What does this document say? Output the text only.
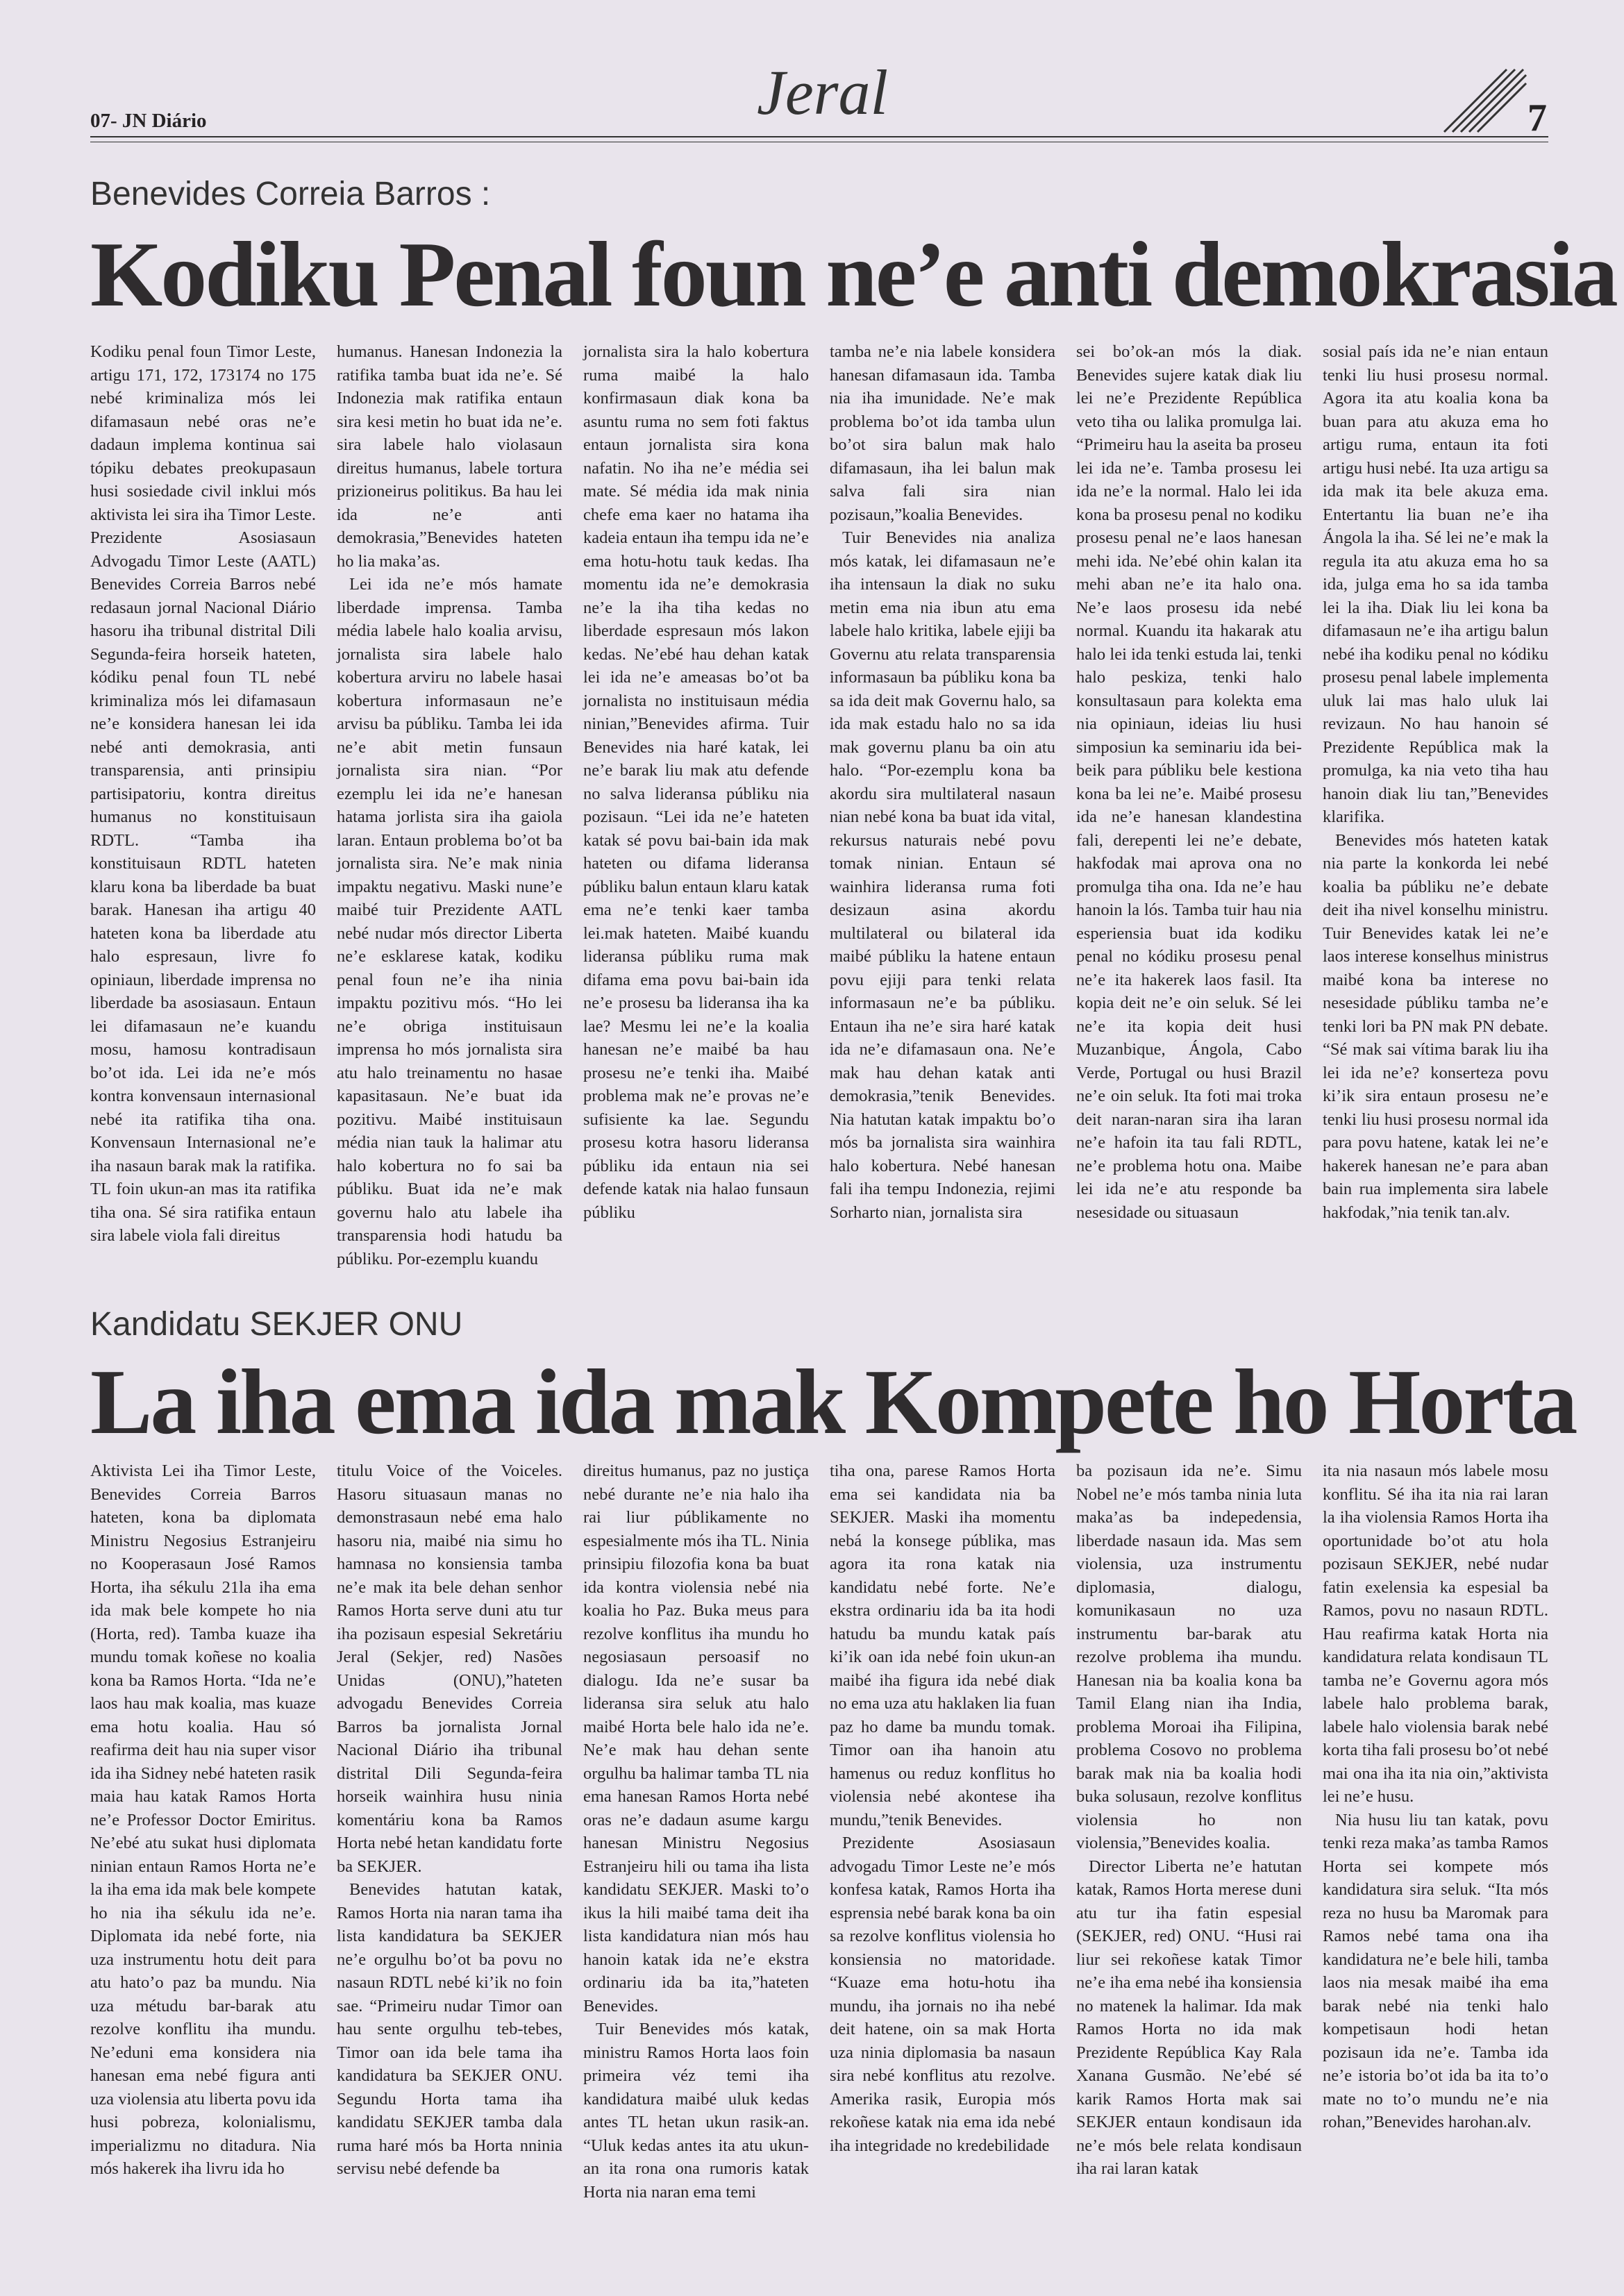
07- JN Diário	Jeral	7
Benevides Correia Barros :
Kodiku Penal foun ne’e anti demokrasia

Kodiku penal foun Timor Leste, artigu 171, 172, 173174 no 175 nebé kriminaliza mós lei difamasaun nebé oras ne’e dadaun implema kontinua sai tópiku debates preokupasaun husi sosiedade civil inklui mós aktivista lei sira iha Timor Leste. Prezidente Asosiasaun Advogadu Timor Leste (AATL) Benevides Correia Barros nebé redasaun jornal Nacional Diário hasoru iha tribunal distrital Dili Segunda-feira horseik hateten, kódiku penal foun TL nebé kriminaliza mós lei difamasaun ne’e konsidera hanesan lei ida nebé anti demokrasia, anti transparensia, anti prinsipiu partisipatoriu, kontra direitus humanus no konstituisaun RDTL. “Tamba iha konstituisaun RDTL hateten klaru kona ba liberdade ba buat barak. Hanesan iha artigu 40 hateten kona ba liberdade atu halo espresaun, livre fo opiniaun, liberdade imprensa no liberdade ba asosiasaun. Entaun lei difamasaun ne’e kuandu mosu, hamosu kontradisaun bo’ot ida. Lei ida ne’e mós kontra konvensaun internasional nebé ita ratifika tiha ona. Konvensaun Internasional ne’e iha nasaun barak mak la ratifika. TL foin ukun-an mas ita ratifika tiha ona. Sé sira ratifika entaun sira labele viola fali direitus

humanus. Hanesan Indonezia la ratifika tamba buat ida ne’e. Sé Indonezia mak ratifika entaun sira kesi metin ho buat ida ne’e. sira labele halo violasaun direitus humanus, labele tortura prizioneirus politikus. Ba hau lei ida ne’e anti demokrasia,”Benevides hateten ho lia maka’as.

Lei ida ne’e mós hamate liberdade imprensa. Tamba média labele halo koalia arvisu, jornalista sira labele halo kobertura arviru no labele hasai kobertura informasaun ne’e arvisu ba públiku. Tamba lei ida ne’e abit metin funsaun jornalista sira nian. “Por ezemplu lei ida ne’e hanesan hatama jorlista sira iha gaiola laran. Entaun problema bo’ot ba jornalista sira. Ne’e mak ninia impaktu negativu. Maski nune’e maibé tuir Prezidente AATL nebé nudar mós director Liberta ne’e esklarese katak, kodiku penal foun ne’e iha ninia impaktu pozitivu mós. “Ho lei ne’e obriga instituisaun imprensa ho mós jornalista sira atu halo treinamentu no hasae kapasitasaun. Ne’e buat ida pozitivu. Maibé instituisaun média nian tauk la halimar atu halo kobertura no fo sai ba públiku. Buat ida ne’e mak governu halo atu labele iha transparensia hodi hatudu ba públiku. Por-ezemplu kuandu

jornalista sira la halo kobertura ruma maibé la halo konfirmasaun diak kona ba asuntu ruma no sem foti faktus entaun jornalista sira kona nafatin. No iha ne’e média sei mate. Sé média ida mak ninia chefe ema kaer no hatama iha kadeia entaun iha tempu ida ne’e ema hotu-hotu tauk kedas. Iha momentu ida ne’e demokrasia ne’e la iha tiha kedas no liberdade espresaun mós lakon kedas. Ne’ebé hau dehan katak lei ida ne’e ameasas bo’ot ba jornalista no instituisaun média ninian,”Benevides afirma. Tuir Benevides nia haré katak, lei ne’e barak liu mak atu defende no salva lideransa públiku nia pozisaun. “Lei ida ne’e hateten katak sé povu bai-bain ida mak hateten ou difama lideransa públiku balun entaun klaru katak ema ne’e tenki kaer tamba lei.mak hateten. Maibé kuandu lideransa públiku ruma mak difama ema povu bai-bain ida ne’e prosesu ba lideransa iha ka lae? Mesmu lei ne’e la koalia hanesan ne’e maibé ba hau prosesu ne’e tenki iha. Maibé problema mak ne’e provas ne’e sufisiente ka lae. Segundu prosesu kotra hasoru lideransa públiku ida entaun nia sei defende katak nia halao funsaun públiku

tamba ne’e nia labele konsidera hanesan difamasaun ida. Tamba nia iha imunidade. Ne’e mak problema bo’ot ida tamba ulun bo’ot sira balun mak halo difamasaun, iha lei balun mak salva fali sira nian pozisaun,”koalia Benevides.

Tuir Benevides nia analiza mós katak, lei difamasaun ne’e iha intensaun la diak no suku metin ema nia ibun atu ema labele halo kritika, labele ejiji ba Governu atu relata transparensia informasaun ba públiku kona ba sa ida deit mak Governu halo, sa ida mak estadu halo no sa ida mak governu planu ba oin atu halo. “Por-ezemplu kona ba akordu sira multilateral nasaun nian nebé kona ba buat ida vital, rekursus naturais nebé povu tomak ninian. Entaun sé wainhira lideransa ruma foti desizaun asina akordu multilateral ou bilateral ida maibé públiku la hatene entaun povu ejiji para tenki relata informasaun ne’e ba públiku. Entaun iha ne’e sira haré katak ida ne’e difamasaun ona. Ne’e mak hau dehan katak anti demokrasia,”tenik Benevides. Nia hatutan katak impaktu bo’o mós ba jornalista sira wainhira halo kobertura. Nebé hanesan fali iha tempu Indonezia, rejimi Sorharto nian, jornalista sira

sei bo’ok-an mós la diak. Benevides sujere katak diak liu lei ne’e Prezidente República veto tiha ou lalika promulga lai. “Primeiru hau la aseita ba proseu lei ida ne’e. Tamba prosesu lei ida ne’e la normal. Halo lei ida kona ba prosesu penal no kodiku prosesu penal ne’e laos hanesan mehi ida. Ne’ebé ohin kalan ita mehi aban ne’e ita halo ona. Ne’e laos prosesu ida nebé normal. Kuandu ita hakarak atu halo lei ida tenki estuda lai, tenki halo peskiza, tenki halo konsultasaun para kolekta ema nia opiniaun, ideias liu husi simposiun ka seminariu ida bei-beik para públiku bele kestiona kona ba lei ne’e. Maibé prosesu ida ne’e hanesan klandestina fali, derepenti lei ne’e debate, hakfodak mai aprova ona no promulga tiha ona. Ida ne’e hau hanoin la lós. Tamba tuir hau nia esperiensia buat ida kodiku penal no kódiku prosesu penal ne’e ita hakerek laos fasil. Ita kopia deit ne’e oin seluk. Sé lei ne’e ita kopia deit husi Muzanbique, Ángola, Cabo Verde, Portugal ou husi Brazil ne’e oin seluk. Ita foti mai troka deit naran-naran sira iha laran ne’e hafoin ita tau fali RDTL, ne’e problema hotu ona. Maibe lei ida ne’e atu responde ba nesesidade ou situasaun

sosial país ida ne’e nian entaun tenki liu husi prosesu normal. Agora ita atu koalia kona ba buan para atu akuza ema ho artigu ruma, entaun ita foti artigu husi nebé. Ita uza artigu sa ida mak ita bele akuza ema. Entertantu lia buan ne’e iha Ángola la iha. Sé lei ne’e mak la regula ita atu akuza ema ho sa ida, julga ema ho sa ida tamba lei la iha. Diak liu lei kona ba difamasaun ne’e iha artigu balun nebé iha kodiku penal no kódiku prosesu penal labele implementa uluk lai mas halo uluk lai revizaun. No hau hanoin sé Prezidente República mak la promulga, ka nia veto tiha hau hanoin diak liu tan,”Benevides klarifika.

Benevides mós hateten katak nia parte la konkorda lei nebé koalia ba públiku ne’e debate deit iha nivel konselhu ministru. Tuir Benevides katak lei ne’e laos interese konselhus ministrus maibé kona ba interese no nesesidade públiku tamba ne’e tenki lori ba PN mak PN debate. “Sé mak sai vítima barak liu iha lei ida ne’e? konserteza povu ki’ik sira entaun prosesu ne’e tenki liu husi prosesu normal ida para povu hatene, katak lei ne’e hakerek hanesan ne’e para aban bain rua implementa sira labele hakfodak,”nia tenik tan.alv.

Kandidatu SEKJER ONU
La iha ema ida mak Kompete ho Horta

Aktivista Lei iha Timor Leste, Benevides Correia Barros hateten, kona ba diplomata Ministru Negosius Estranjeiru no Kooperasaun José Ramos Horta, iha sékulu 21la iha ema ida mak bele kompete ho nia (Horta, red). Tamba kuaze iha mundu tomak koñese no koalia kona ba Ramos Horta. “Ida ne’e laos hau mak koalia, mas kuaze ema hotu koalia. Hau só reafirma deit hau nia super visor ida iha Sidney nebé hateten rasik maia hau katak Ramos Horta ne’e Professor Doctor Emiritus. Ne’ebé atu sukat husi diplomata ninian entaun Ramos Horta ne’e la iha ema ida mak bele kompete ho nia iha sékulu ida ne’e. Diplomata ida nebé forte, nia uza instrumentu hotu deit para atu hato’o paz ba mundu. Nia uza métudu bar-barak atu rezolve konflitu iha mundu. Ne’eduni ema konsidera nia hanesan ema nebé figura anti uza violensia atu liberta povu ida husi pobreza, kolonialismu, imperializmu no ditadura. Nia mós hakerek iha livru ida ho

titulu Voice of the Voiceles. Hasoru situasaun manas no demonstrasaun nebé ema halo hasoru nia, maibé nia simu ho hamnasa no konsiensia tamba ne’e mak ita bele dehan senhor Ramos Horta serve duni atu tur iha pozisaun espesial Sekretáriu Jeral (Sekjer, red) Nasões Unidas (ONU),”hateten advogadu Benevides Correia Barros ba jornalista Jornal Nacional Diário iha tribunal distrital Dili Segunda-feira horseik wainhira husu ninia komentáriu kona ba Ramos Horta nebé hetan kandidatu forte ba SEKJER.

Benevides hatutan katak, Ramos Horta nia naran tama iha lista kandidatura ba SEKJER ne’e orgulhu bo’ot ba povu no nasaun RDTL nebé ki’ik no foin sae. “Primeiru nudar Timor oan hau sente orgulhu teb-tebes, Timor oan ida bele tama iha kandidatura ba SEKJER ONU. Segundu Horta tama iha kandidatu SEKJER tamba dala ruma haré mós ba Horta nninia servisu nebé defende ba

direitus humanus, paz no justiça nebé durante ne’e nia halo iha rai liur públikamente no espesialmente mós iha TL. Ninia prinsipiu filozofia kona ba buat ida kontra violensia nebé nia koalia ho Paz. Buka meus para rezolve konflitus iha mundu ho negosiasaun persoasif no dialogu. Ida ne’e susar ba lideransa sira seluk atu halo maibé Horta bele halo ida ne’e. Ne’e mak hau dehan sente orgulhu ba halimar tamba TL nia ema hanesan Ramos Horta nebé oras ne’e dadaun asume kargu hanesan Ministru Negosius Estranjeiru hili ou tama iha lista kandidatu SEKJER. Maski to’o ikus la hili maibé tama deit iha lista kandidatura nian mós hau hanoin katak ida ne’e ekstra ordinariu ida ba ita,”hateten Benevides.

Tuir Benevides mós katak, ministru Ramos Horta laos foin primeira véz temi iha kandidatura maibé uluk kedas antes TL hetan ukun rasik-an. “Uluk kedas antes ita atu ukun-an ita rona ona rumoris katak Horta nia naran ema temi

tiha ona, parese Ramos Horta ema sei kandidata nia ba SEKJER. Maski iha momentu nebá la konsege públika, mas agora ita rona katak nia kandidatu nebé forte. Ne’e ekstra ordinariu ida ba ita hodi hatudu ba mundu katak país ki’ik oan ida nebé foin ukun-an maibé iha figura ida nebé diak no ema uza atu haklaken lia fuan paz ho dame ba mundu tomak. Timor oan iha hanoin atu hamenus ou reduz konflitus ho violensia nebé akontese iha mundu,”tenik Benevides.

Prezidente Asosiasaun advogadu Timor Leste ne’e mós konfesa katak, Ramos Horta iha esprensia nebé barak kona ba oin sa rezolve konflitus violensia ho konsiensia no matoridade. “Kuaze ema hotu-hotu iha mundu, iha jornais no iha nebé deit hatene, oin sa mak Horta uza ninia diplomasia ba nasaun sira nebé konflitus atu rezolve. Amerika rasik, Europia mós rekoñese katak nia ema ida nebé iha integridade no kredebilidade

ba pozisaun ida ne’e. Simu Nobel ne’e mós tamba ninia luta maka’as ba indepedensia, liberdade nasaun ida. Mas sem violensia, uza instrumentu diplomasia, dialogu, komunikasaun no uza instrumentu bar-barak atu rezolve problema iha mundu. Hanesan nia ba koalia kona ba Tamil Elang nian iha India, problema Moroai iha Filipina, problema Cosovo no problema barak mak nia ba koalia hodi buka solusaun, rezolve konflitus violensia ho non violensia,”Benevides koalia.

Director Liberta ne’e hatutan katak, Ramos Horta merese duni atu tur iha fatin espesial (SEKJER, red) ONU. “Husi rai liur sei rekoñese katak Timor ne’e iha ema nebé iha konsiensia no matenek la halimar. Ida mak Ramos Horta no ida mak Prezidente República Kay Rala Xanana Gusmão. Ne’ebé sé karik Ramos Horta mak sai SEKJER entaun kondisaun ida ne’e mós bele relata kondisaun iha rai laran katak

ita nia nasaun mós labele mosu konflitu. Sé iha ita nia rai laran la iha violensia Ramos Horta iha oportunidade bo’ot atu hola pozisaun SEKJER, nebé nudar fatin exelensia ka espesial ba Ramos, povu no nasaun RDTL. Hau reafirma katak Horta nia kandidatura relata kondisaun TL tamba ne’e Governu agora mós labele halo problema barak, labele halo violensia barak nebé korta tiha fali prosesu bo’ot nebé mai ona iha ita nia oin,”aktivista lei ne’e husu.

Nia husu liu tan katak, povu tenki reza maka’as tamba Ramos Horta sei kompete mós kandidatura sira seluk. “Ita mós reza no husu ba Maromak para Ramos nebé tama ona iha kandidatura ne’e bele hili, tamba laos nia mesak maibé iha ema barak nebé nia tenki halo kompetisaun hodi hetan pozisaun ida ne’e. Tamba ida ne’e istoria bo’ot ida ba ita to’o mate no to’o mundu ne’e nia rohan,”Benevides harohan.alv.
